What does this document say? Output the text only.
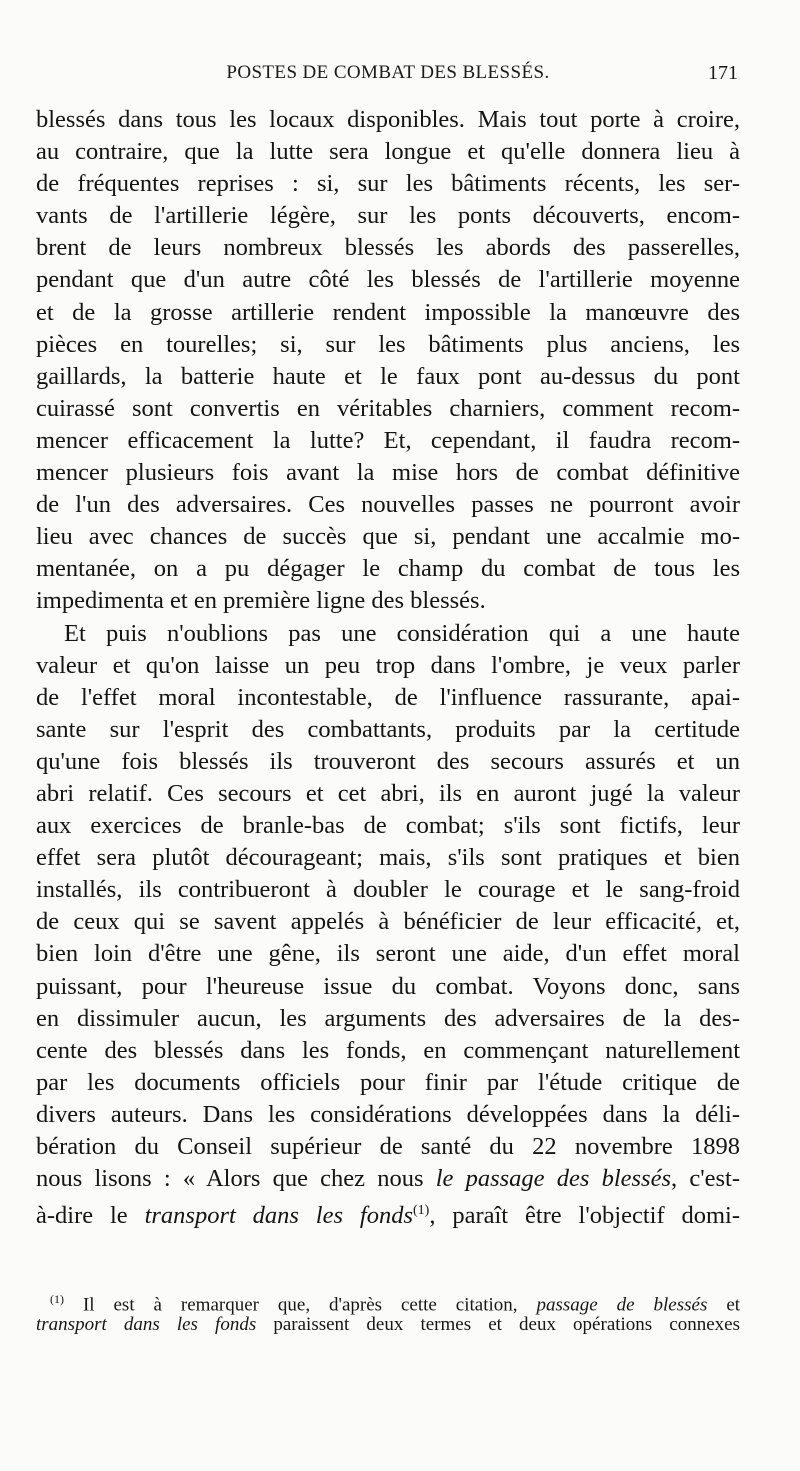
POSTES DE COMBAT DES BLESSÉS.	171
blessés dans tous les locaux disponibles. Mais tout porte à croire,
au contraire, que la lutte sera longue et qu'elle donnera lieu à
de fréquentes reprises : si, sur les bâtiments récents, les ser-
vants de l'artillerie légère, sur les ponts découverts, encom-
brent de leurs nombreux blessés les abords des passerelles,
pendant que d'un autre côté les blessés de l'artillerie moyenne
et de la grosse artillerie rendent impossible la manœuvre des
pièces en tourelles; si, sur les bâtiments plus anciens, les
gaillards, la batterie haute et le faux pont au-dessus du pont
cuirassé sont convertis en véritables charniers, comment recom-
mencer efficacement la lutte? Et, cependant, il faudra recom-
mencer plusieurs fois avant la mise hors de combat définitive
de l'un des adversaires. Ces nouvelles passes ne pourront avoir
lieu avec chances de succès que si, pendant une accalmie mo-
mentanée, on a pu dégager le champ du combat de tous les
impedimenta et en première ligne des blessés.
Et puis n'oublions pas une considération qui a une haute
valeur et qu'on laisse un peu trop dans l'ombre, je veux parler
de l'effet moral incontestable, de l'influence rassurante, apai-
sante sur l'esprit des combattants, produits par la certitude
qu'une fois blessés ils trouveront des secours assurés et un
abri relatif. Ces secours et cet abri, ils en auront jugé la valeur
aux exercices de branle-bas de combat; s'ils sont fictifs, leur
effet sera plutôt décourageant; mais, s'ils sont pratiques et bien
installés, ils contribueront à doubler le courage et le sang-froid
de ceux qui se savent appelés à bénéficier de leur efficacité, et,
bien loin d'être une gêne, ils seront une aide, d'un effet moral
puissant, pour l'heureuse issue du combat. Voyons donc, sans
en dissimuler aucun, les arguments des adversaires de la des-
cente des blessés dans les fonds, en commençant naturellement
par les documents officiels pour finir par l'étude critique de
divers auteurs. Dans les considérations développées dans la déli-
bération du Conseil supérieur de santé du 22 novembre 1898
nous lisons : « Alors que chez nous le passage des blessés, c'est-
à-dire le transport dans les fonds$^{(1)}$, paraît être l'objectif domi-
$^{(1)}$ Il est à remarquer que, d'après cette citation, passage de blessés et
transport dans les fonds paraissent deux termes et deux opérations connexes
